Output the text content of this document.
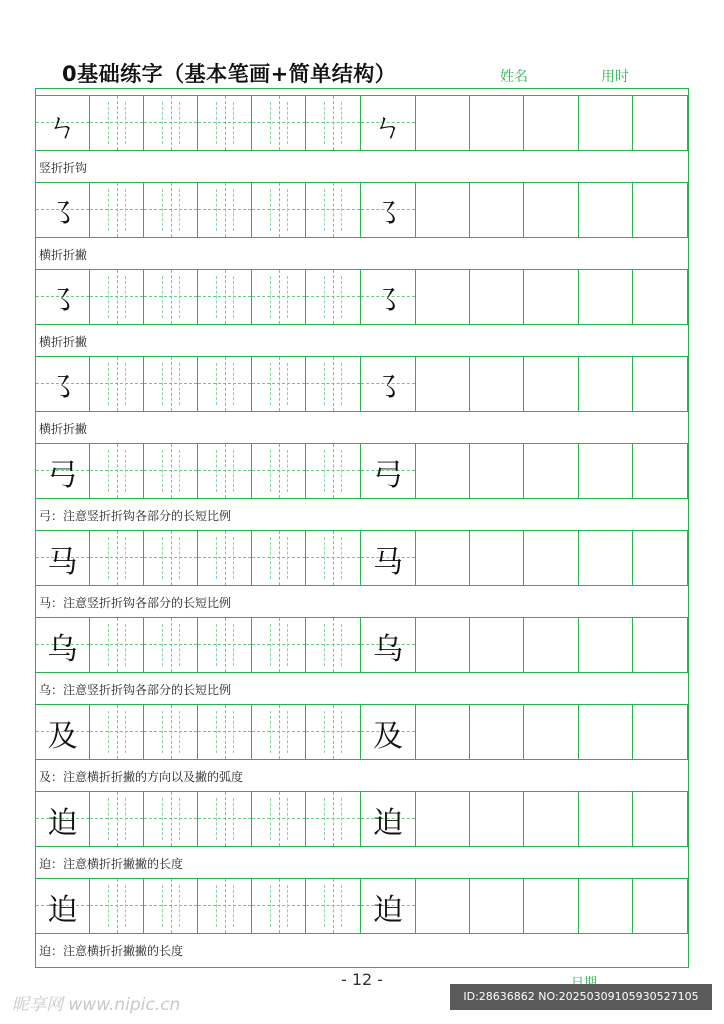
0基础练字（基本笔画+简单结构）	姓名	用时
ㄣ	ㄣ
竖折折钩
㇌	㇌
横折折撇
㇌	㇌
横折折撇
㇌	㇌
横折折撇
弓	弓
弓：注意竖折折钩各部分的长短比例
马	马
马：注意竖折折钩各部分的长短比例
乌	乌
乌：注意竖折折钩各部分的长短比例
及	及
及：注意横折折撇的方向以及撇的弧度
迫	迫
迫：注意横折折撇撇的长度
迫	迫
迫：注意横折折撇撇的长度
- 12 -
昵享网 www.nipic.cn	ID:28636862 NO:20250309105930527105
